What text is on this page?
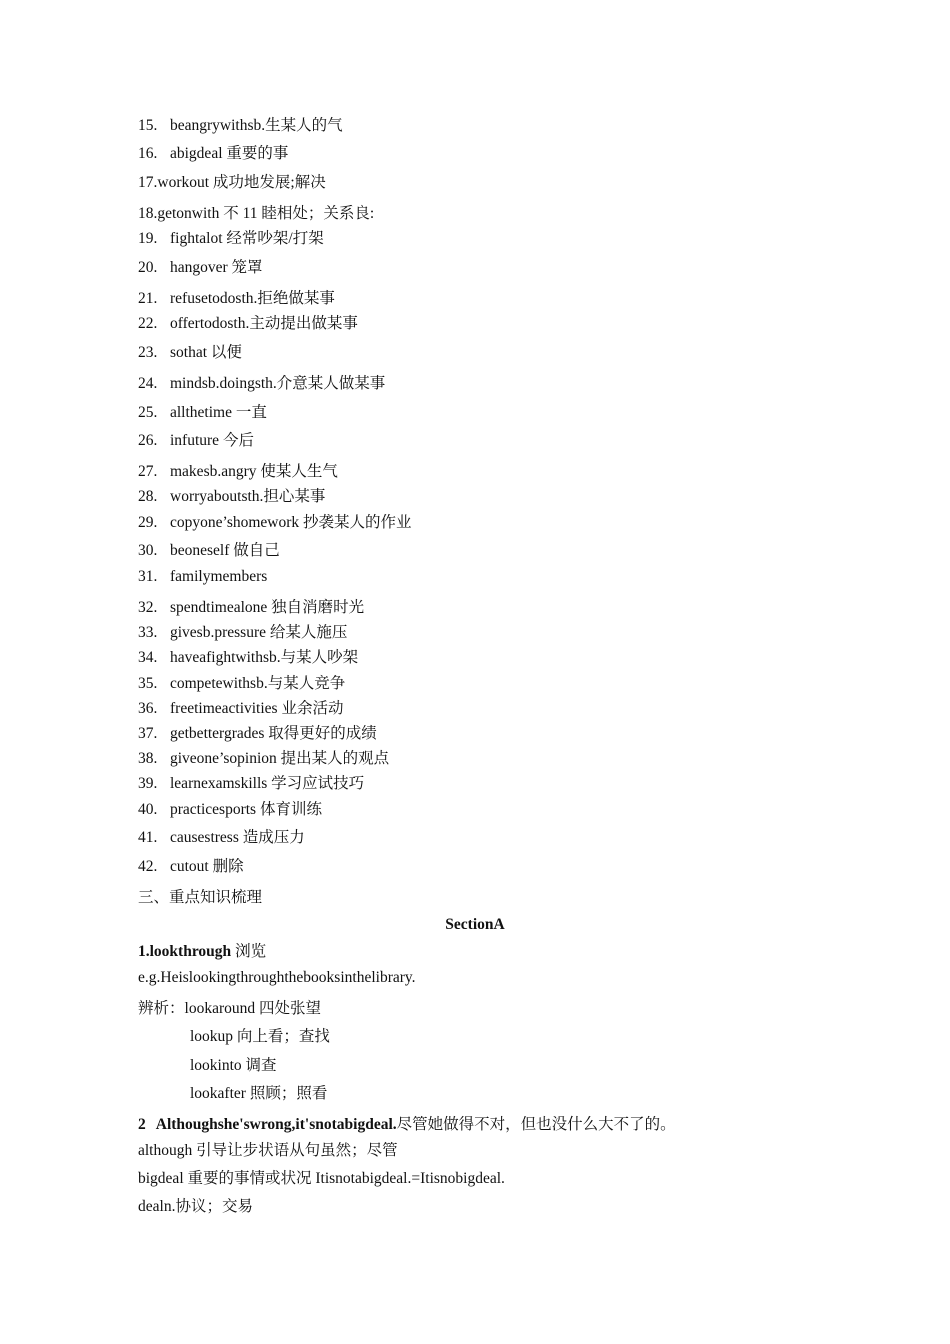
15. beangrywithsb.生某人的气
16. abigdeal 重要的事
17.workout 成功地发展;解决
18.getonwith 不 11 睦相处；关系良:
19. fightalot 经常吵架/打架
20. hangover 笼罩
21. refusetodosth.拒绝做某事
22. offertodosth.主动提出做某事
23. sothat 以便
24. mindsb.doingsth.介意某人做某事
25. allthetime 一直
26. infuture 今后
27. makesb.angry 使某人生气
28. worryaboutsth.担心某事
29. copyone’shomework 抄袭某人的作业
30. beoneself 做自己
31. familymembers
32. spendtimealone 独自消磨时光
33. givesb.pressure 给某人施压
34. haveafightwithsb.与某人吵架
35. competewithsb.与某人竞争
36. freetimeactivities 业余活动
37. getbettergrades 取得更好的成绩
38. giveone’sopinion 提出某人的观点
39. learnexamskills 学习应试技巧
40. practicesports 体育训练
41. causestress 造成压力
42. cutout 删除
三、重点知识梳理
SectionA
1.lookthrough 浏览
e.g.Heislookingthroughthebooksinthelibrary.
辨析：lookaround 四处张望
lookup 向上看；查找
lookinto 调查
lookafter 照顾；照看
2 Althoughshe'swrong,it'snotabigdeal.尽管她做得不对，但也没什么大不了的。
although 引导让步状语从句虽然；尽管
bigdeal 重要的事情或状况 Itisnotabigdeal.=Itisnobigdeal.
dealn.协议；交易
